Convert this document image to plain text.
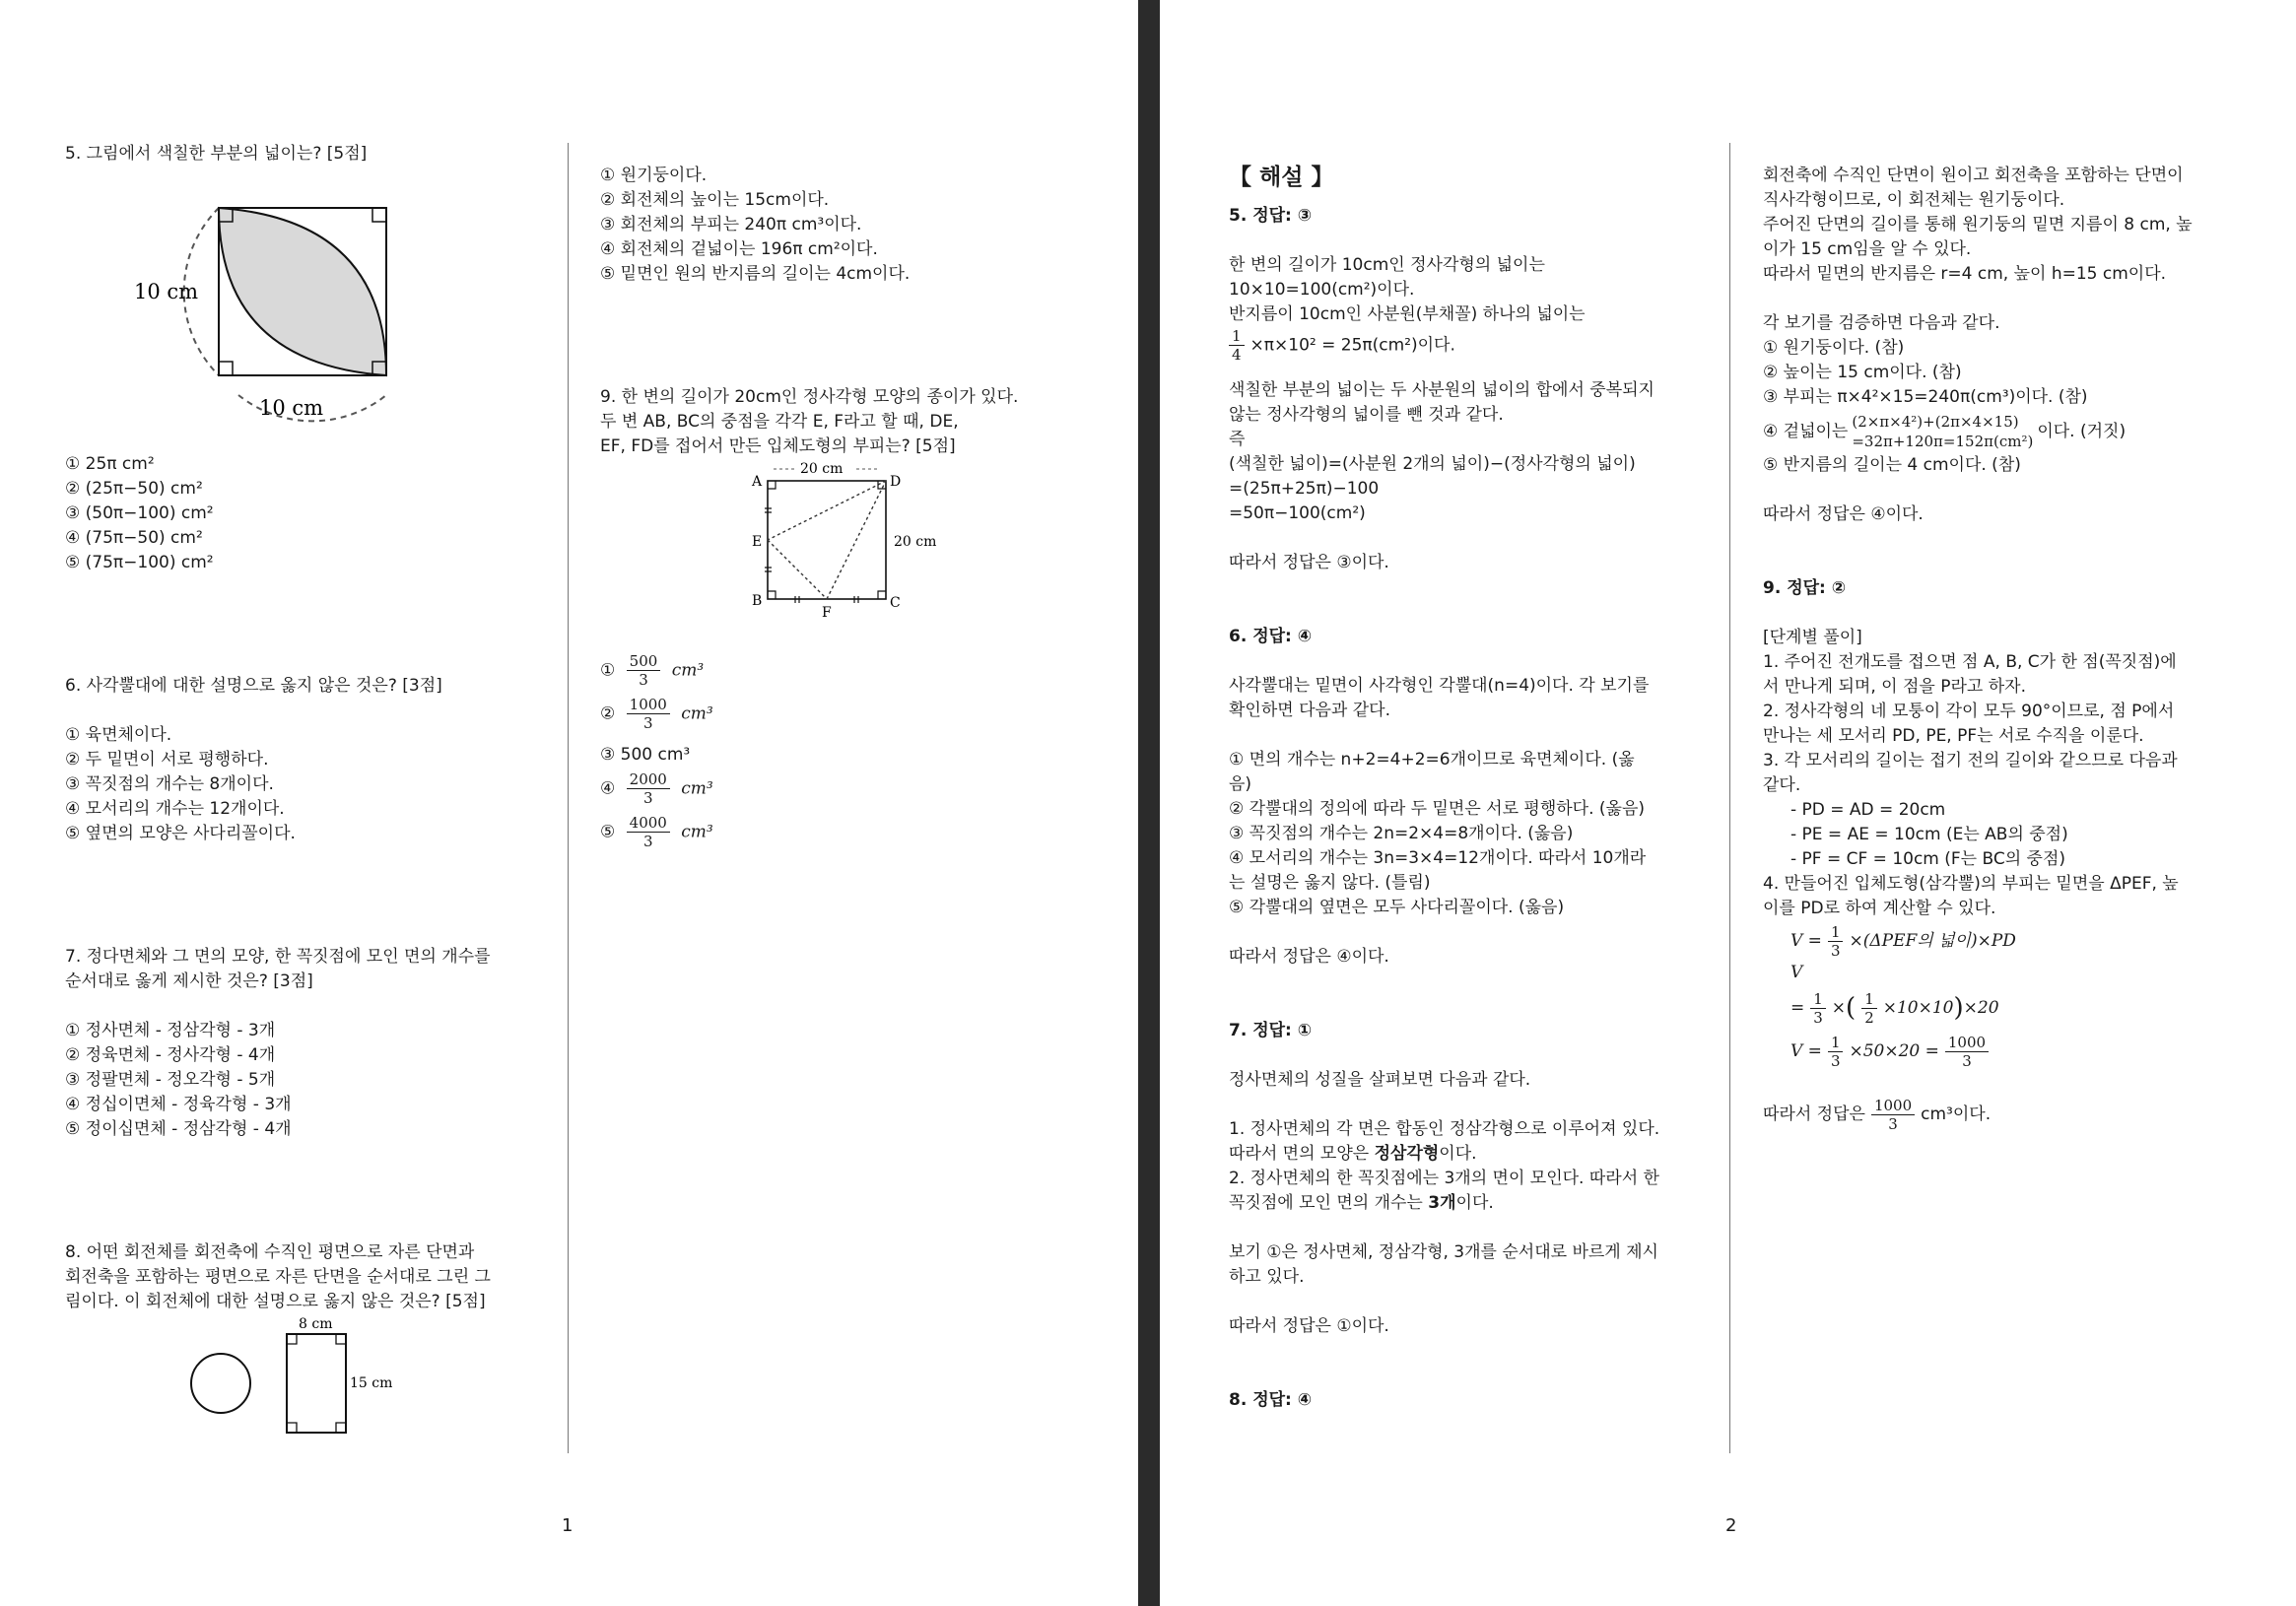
5. 그림에서 색칠한 부분의 넓이는? [5점]

10 cm
10 cm

① 25π cm²

② (25π−50) cm²

③ (50π−100) cm²

④ (75π−50) cm²

⑤ (75π−100) cm²

6. 사각뿔대에 대한 설명으로 옳지 않은 것은? [3점]

① 육면체이다.

② 두 밑면이 서로 평행하다.

③ 꼭짓점의 개수는 8개이다.

④ 모서리의 개수는 12개이다.

⑤ 옆면의 모양은 사다리꼴이다.

7. 정다면체와 그 면의 모양, 한 꼭짓점에 모인 면의 개수를

순서대로 옳게 제시한 것은? [3점]

① 정사면체 - 정삼각형 - 3개

② 정육면체 - 정사각형 - 4개

③ 정팔면체 - 정오각형 - 5개

④ 정십이면체 - 정육각형 - 3개

⑤ 정이십면체 - 정삼각형 - 4개

8. 어떤 회전체를 회전축에 수직인 평면으로 자른 단면과

회전축을 포함하는 평면으로 자른 단면을 순서대로 그린 그

림이다. 이 회전체에 대한 설명으로 옳지 않은 것은? [5점]

8 cm
15 cm

① 원기둥이다.

② 회전체의 높이는 15cm이다.

③ 회전체의 부피는 240π cm³이다.

④ 회전체의 겉넓이는 196π cm²이다.

⑤ 밑면인 원의 반지름의 길이는 4cm이다.

9. 한 변의 길이가 20cm인 정사각형 모양의 종이가 있다.

두 변 AB, BC의 중점을 각각 E, F라고 할 때, DE,

EF, FD를 접어서 만든 입체도형의 부피는? [5점]

20 cm
20 cm
A	D
E
B	C
F
① $\frac{500}{3} cm^3$
② $\frac{1000}{3} cm^3$
③ 500 cm³
④ $\frac{2000}{3} cm^3$
⑤ $\frac{4000}{3} cm^3$
1

【 해설 】

5. 정답: ③

한 변의 길이가 10cm인 정사각형의 넓이는

10×10=100(cm²)이다.

반지름이 10cm인 사분원(부채꼴) 하나의 넓이는

$\frac{1}{4} \times\pi\times 10^2 = 25\pi(cm^2)$이다.

색칠한 부분의 넓이는 두 사분원의 넓이의 합에서 중복되지

않는 정사각형의 넓이를 뺀 것과 같다.

즉

(색칠한 넓이)=(사분원 2개의 넓이)−(정사각형의 넓이)

=(25π+25π)−100

=50π−100(cm²)

따라서 정답은 ③이다.

6. 정답: ④

사각뿔대는 밑면이 사각형인 각뿔대(n=4)이다. 각 보기를

확인하면 다음과 같다.

① 면의 개수는 n+2=4+2=6개이므로 육면체이다. (옳

음)

② 각뿔대의 정의에 따라 두 밑면은 서로 평행하다. (옳음)

③ 꼭짓점의 개수는 2n=2×4=8개이다. (옳음)

④ 모서리의 개수는 3n=3×4=12개이다. 따라서 10개라

는 설명은 옳지 않다. (틀림)

⑤ 각뿔대의 옆면은 모두 사다리꼴이다. (옳음)

따라서 정답은 ④이다.

7. 정답: ①

정사면체의 성질을 살펴보면 다음과 같다.

1. 정사면체의 각 면은 합동인 정삼각형으로 이루어져 있다.

따라서 면의 모양은 정삼각형이다.

2. 정사면체의 한 꼭짓점에는 3개의 면이 모인다. 따라서 한

꼭짓점에 모인 면의 개수는 3개이다.

보기 ①은 정사면체, 정삼각형, 3개를 순서대로 바르게 제시

하고 있다.

따라서 정답은 ①이다.

8. 정답: ④

회전축에 수직인 단면이 원이고 회전축을 포함하는 단면이

직사각형이므로, 이 회전체는 원기둥이다.

주어진 단면의 길이를 통해 원기둥의 밑면 지름이 8 cm, 높

이가 15 cm임을 알 수 있다.

따라서 밑면의 반지름은 r=4 cm, 높이 h=15 cm이다.

각 보기를 검증하면 다음과 같다.

① 원기둥이다. (참)

② 높이는 15 cm이다. (참)

③ 부피는 π×4²×15=240π(cm³)이다. (참)

④ 겉넓이는 (2×π×4²)+(2π×4×15)
=32π+120π=152π(cm²)
이다. (거짓)

⑤ 반지름의 길이는 4 cm이다. (참)

따라서 정답은 ④이다.

9. 정답: ②

[단계별 풀이]

1. 주어진 전개도를 접으면 점 A, B, C가 한 점(꼭짓점)에

서 만나게 되며, 이 점을 P라고 하자.

2. 정사각형의 네 모퉁이 각이 모두 90°이므로, 점 P에서

만나는 세 모서리 PD, PE, PF는 서로 수직을 이룬다.

3. 각 모서리의 길이는 접기 전의 길이와 같으므로 다음과

같다.

- PD = AD = 20cm

- PE = AE = 10cm (E는 AB의 중점)

- PF = CF = 10cm (F는 BC의 중점)

4. 만들어진 입체도형(삼각뿔)의 부피는 밑면을 ΔPEF, 높

이를 PD로 하여 계산할 수 있다.

$V = \frac{1}{3} \times(\Delta PEF$의 넓이)×PD
V
= $\frac{1}{3}$ × ( $\frac{1}{2} \times 10\times 10$ ) ×20
$V = \frac{1}{3} \times 50\times 20 = \frac{1000}{3}$
따라서 정답은 $\frac{1000}{3} cm^3$이다.
2
